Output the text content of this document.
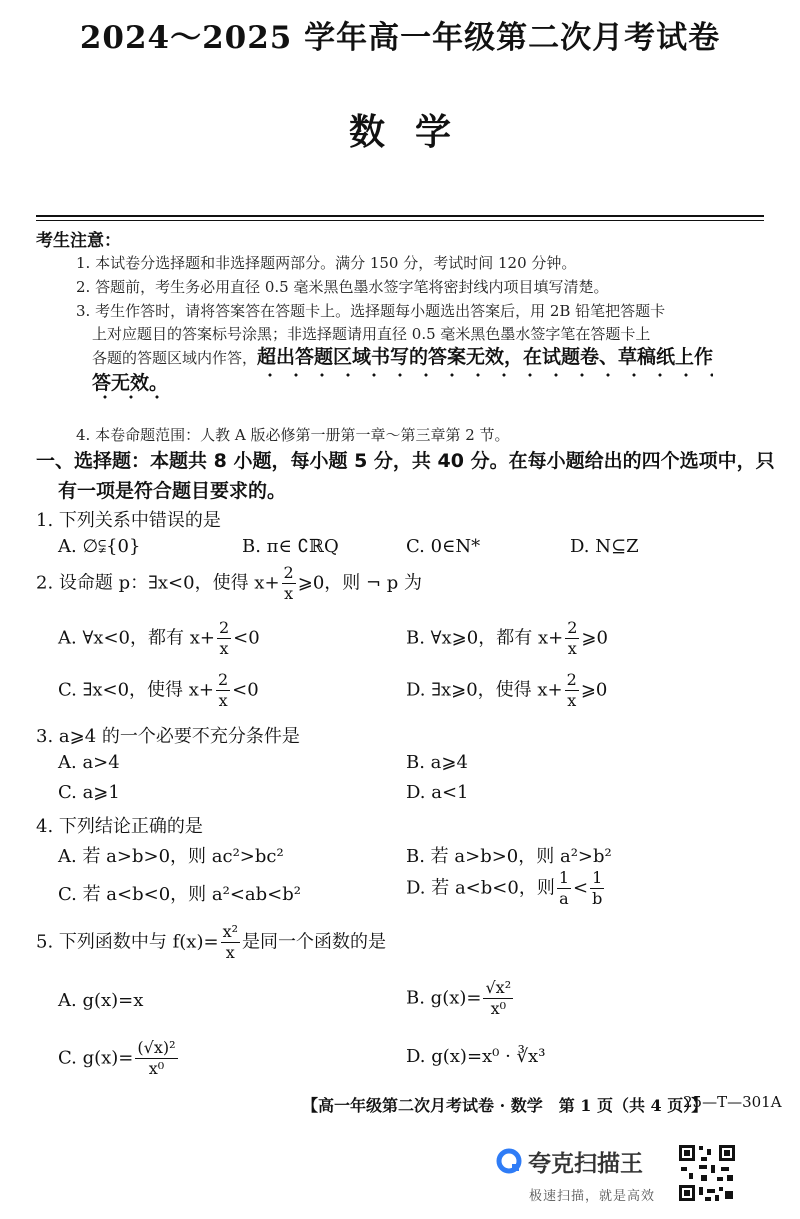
2024～2025 学年高一年级第二次月考试卷
数学
考生注意：
1. 本试卷分选择题和非选择题两部分。满分 150 分，考试时间 120 分钟。
2. 答题前，考生务必用直径 0.5 毫米黑色墨水签字笔将密封线内项目填写清楚。
3. 考生作答时，请将答案答在答题卡上。选择题每小题选出答案后，用 2B 铅笔把答题卡
上对应题目的答案标号涂黑；非选择题请用直径 0.5 毫米黑色墨水签字笔在答题卡上
各题的答题区域内作答，超出答题区域书写的答案无效，在试题卷、草稿纸上作
答无效。
4. 本卷命题范围：人教 A 版必修第一册第一章～第三章第 2 节。
一、选择题：本题共 8 小题，每小题 5 分，共 40 分。在每小题给出的四个选项中，只
有一项是符合题目要求的。
1. 下列关系中错误的是
A. ∅⫋{0}	B. π∈ ∁ℝQ	C. 0∈N*	D. N⊆Z
2. 设命题 p：∃x<0，使得 $x+ \frac{2}{x}$ ⩾0，则 ¬ p 为
A. ∀x<0，都有 $x+ \frac{2}{x} <0$	B. ∀x⩾0，都有 $x+ \frac{2}{x}$ ⩾0
C. ∃x<0，使得 $x+ \frac{2}{x} <0$	D. ∃x⩾0，使得 $x+ \frac{2}{x}$ ⩾0
3. a⩾4 的一个必要不充分条件是
A. a>4	B. a⩾4
C. a⩾1	D. a<1
4. 下列结论正确的是
A. 若 a>b>0，则 ac²>bc²	B. 若 a>b>0，则 a²>b²
C. 若 a<b<0，则 a²<ab<b²	D. 若 a<b<0，则 $\frac{1}{a} < \frac{1}{b}$
5. 下列函数中与 $f(x)= \frac{\text{x²}}{x}$ 是同一个函数的是
A. g(x)=x	B. $g(x)= \frac{\text{√x²}}{\text{x⁰}}$
C. $g(x)= \frac{\text{(√x)²}}{\text{x⁰}}$	D. g(x)=x⁰ · ∛x³
【高一年级第二次月考试卷 · 数学　第 1 页（共 4 页）】
25—T—301A
夸克扫描王
极速扫描，就是高效
